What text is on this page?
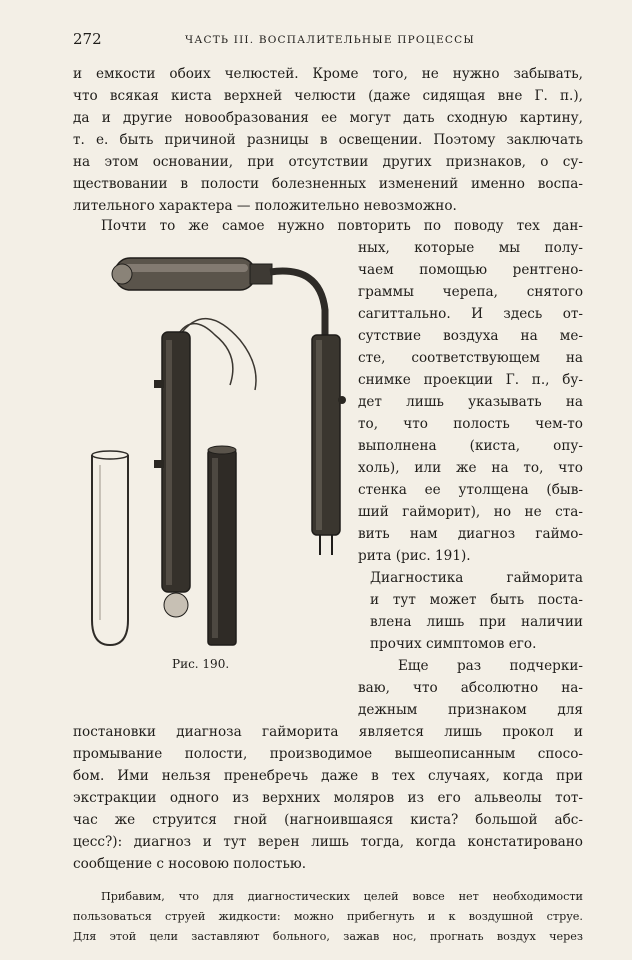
272	ЧАСТЬ III. ВОСПАЛИТЕЛЬНЫЕ ПРОЦЕССЫ
и емкости обоих челюстей. Кроме того, не нужно забывать,
что всякая киста верхней челюсти (даже сидящая вне Г. п.),
да и другие новообразования ее могут дать сходную картину,
т. е. быть причиной разницы в освещении. Поэтому заключать
на этом основании, при отсутствии других признаков, о су-
ществовании в полости болезненных изменений именно воспа-
лительного характера — положительно невозможно.
Почти то же самое нужно повторить по поводу тех дан-
ных, которые мы полу-
чаем помощью рентгено-
граммы черепа, снятого
сагиттально. И здесь от-
сутствие воздуха на ме-
сте, соответствующем на
снимке проекции Г. п., бу-
дет лишь указывать на
то, что полость чем-то
выполнена (киста, опу-
холь), или же на то, что
стенка ее утолщена (быв-
ший гайморит), но не ста-
вить нам диагноз гаймо-
рита (рис. 191).
Диагностика гайморита
и тут может быть поста-
влена лишь при наличии
прочих симптомов его.
Еще раз подчерки-
ваю, что абсолютно на-
дежным признаком для
постановки диагноза гайморита является лишь прокол и
промывание полости, производимое вышеописанным спосо-
бом. Ими нельзя пренебречь даже в тех случаях, когда при
экстракции одного из верхних моляров из его альвеолы тот-
час же струится гной (нагноившаяся киста? большой абс-
цесс?): диагноз и тут верен лишь тогда, когда констатировано
сообщение с носовою полостью.
Прибавим, что для диагностических целей вовсе нет необходимости
пользоваться струей жидкости: можно прибегнуть и к воздушной струе.
Для этой цели заставляют больного, зажав нос, прогнать воздух через
Рис. 190.
